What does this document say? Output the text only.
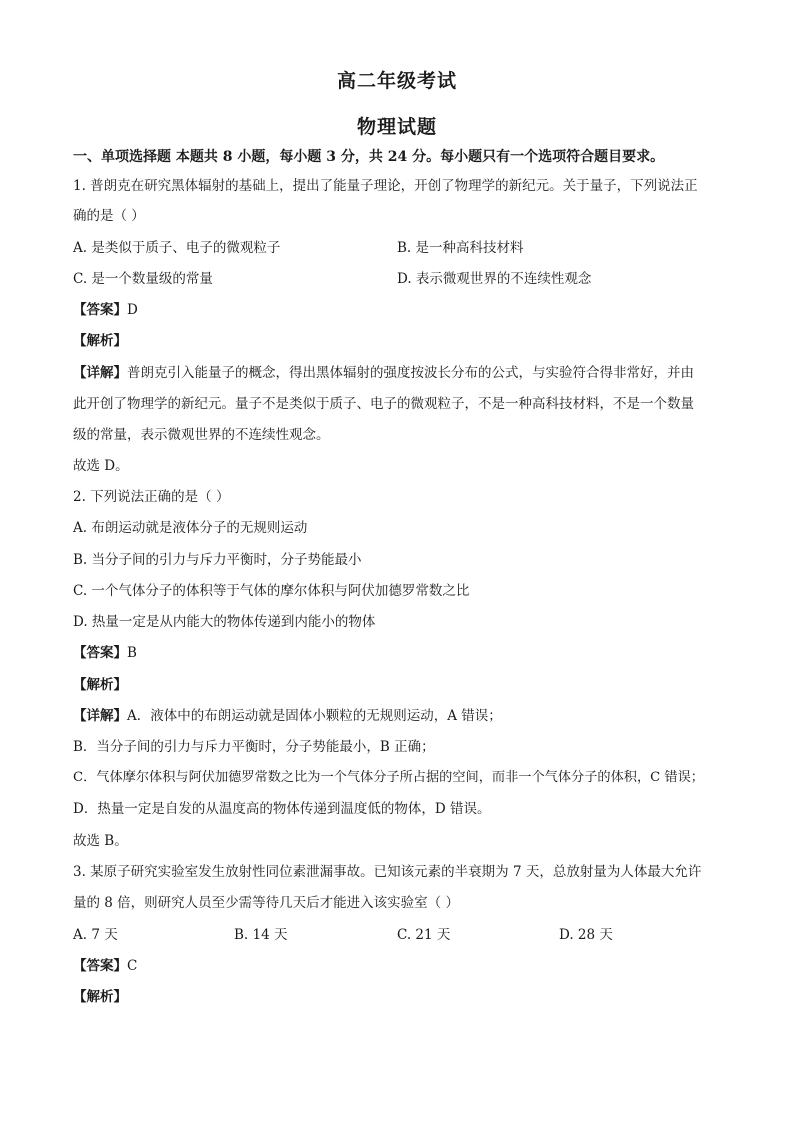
高二年级考试
物理试题
一、单项选择题 本题共 8 小题，每小题 3 分，共 24 分。每小题只有一个选项符合题目要求。
1. 普朗克在研究黑体辐射的基础上，提出了能量子理论，开创了物理学的新纪元。关于量子，下列说法正
确的是（ ）
A. 是类似于质子、电子的微观粒子	B. 是一种高科技材料
C. 是一个数量级的常量	D. 表示微观世界的不连续性观念
【答案】D
【解析】
【详解】普朗克引入能量子的概念，得出黑体辐射的强度按波长分布的公式，与实验符合得非常好，并由
此开创了物理学的新纪元。量子不是类似于质子、电子的微观粒子，不是一种高科技材料，不是一个数量
级的常量，表示微观世界的不连续性观念。
故选 D。
2. 下列说法正确的是（ ）
A. 布朗运动就是液体分子的无规则运动
B. 当分子间的引力与斥力平衡时，分子势能最小
C. 一个气体分子的体积等于气体的摩尔体积与阿伏加德罗常数之比
D. 热量一定是从内能大的物体传递到内能小的物体
【答案】B
【解析】
【详解】A．液体中的布朗运动就是固体小颗粒的无规则运动，A 错误；
B．当分子间的引力与斥力平衡时，分子势能最小，B 正确；
C．气体摩尔体积与阿伏加德罗常数之比为一个气体分子所占据的空间，而非一个气体分子的体积，C 错误；
D．热量一定是自发的从温度高的物体传递到温度低的物体，D 错误。
故选 B。
3. 某原子研究实验室发生放射性同位素泄漏事故。已知该元素的半衰期为 7 天，总放射量为人体最大允许
量的 8 倍，则研究人员至少需等待几天后才能进入该实验室（ ）
A. 7 天	B. 14 天	C. 21 天	D. 28 天
【答案】C
【解析】
